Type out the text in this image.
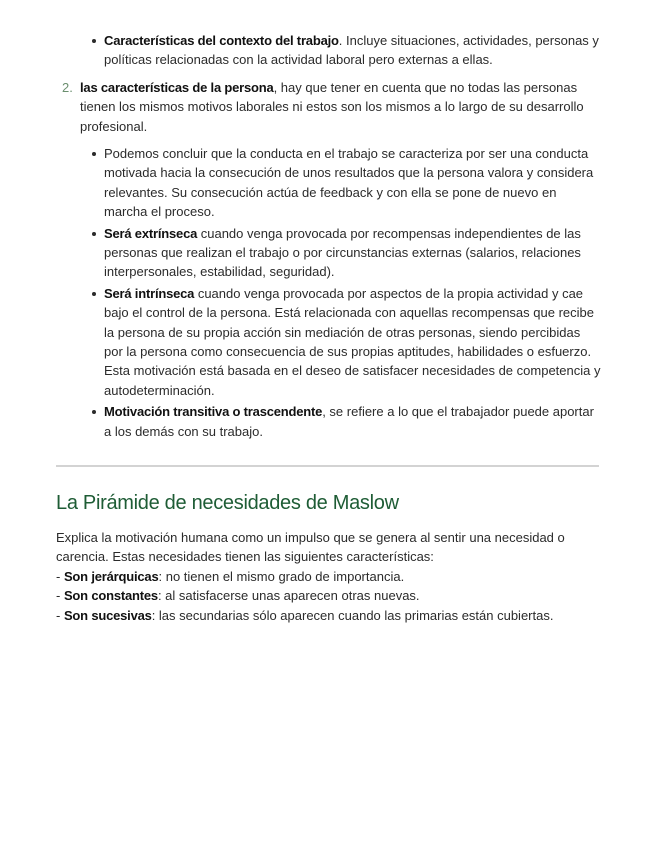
Características del contexto del trabajo. Incluye situaciones, actividades, personas y políticas relacionadas con la actividad laboral pero externas a ellas.
2. las características de la persona, hay que tener en cuenta que no todas las personas tienen los mismos motivos laborales ni estos son los mismos a lo largo de su desarrollo profesional.
Podemos concluir que la conducta en el trabajo se caracteriza por ser una conducta motivada hacia la consecución de unos resultados que la persona valora y considera relevantes. Su consecución actúa de feedback y con ella se pone de nuevo en marcha el proceso.
Será extrínseca cuando venga provocada por recompensas independientes de las personas que realizan el trabajo o por circunstancias externas (salarios, relaciones interpersonales, estabilidad, seguridad).
Será intrínseca cuando venga provocada por aspectos de la propia actividad y cae bajo el control de la persona. Está relacionada con aquellas recompensas que recibe la persona de su propia acción sin mediación de otras personas, siendo percibidas por la persona como consecuencia de sus propias aptitudes, habilidades o esfuerzo. Esta motivación está basada en el deseo de satisfacer necesidades de competencia y autodeterminación.
Motivación transitiva o trascendente, se refiere a lo que el trabajador puede aportar a los demás con su trabajo.
La Pirámide de necesidades de Maslow
Explica la motivación humana como un impulso que se genera al sentir una necesidad o carencia. Estas necesidades tienen las siguientes características:
- Son jerárquicas: no tienen el mismo grado de importancia.
- Son constantes: al satisfacerse unas aparecen otras nuevas.
- Son sucesivas: las secundarias sólo aparecen cuando las primarias están cubiertas.
